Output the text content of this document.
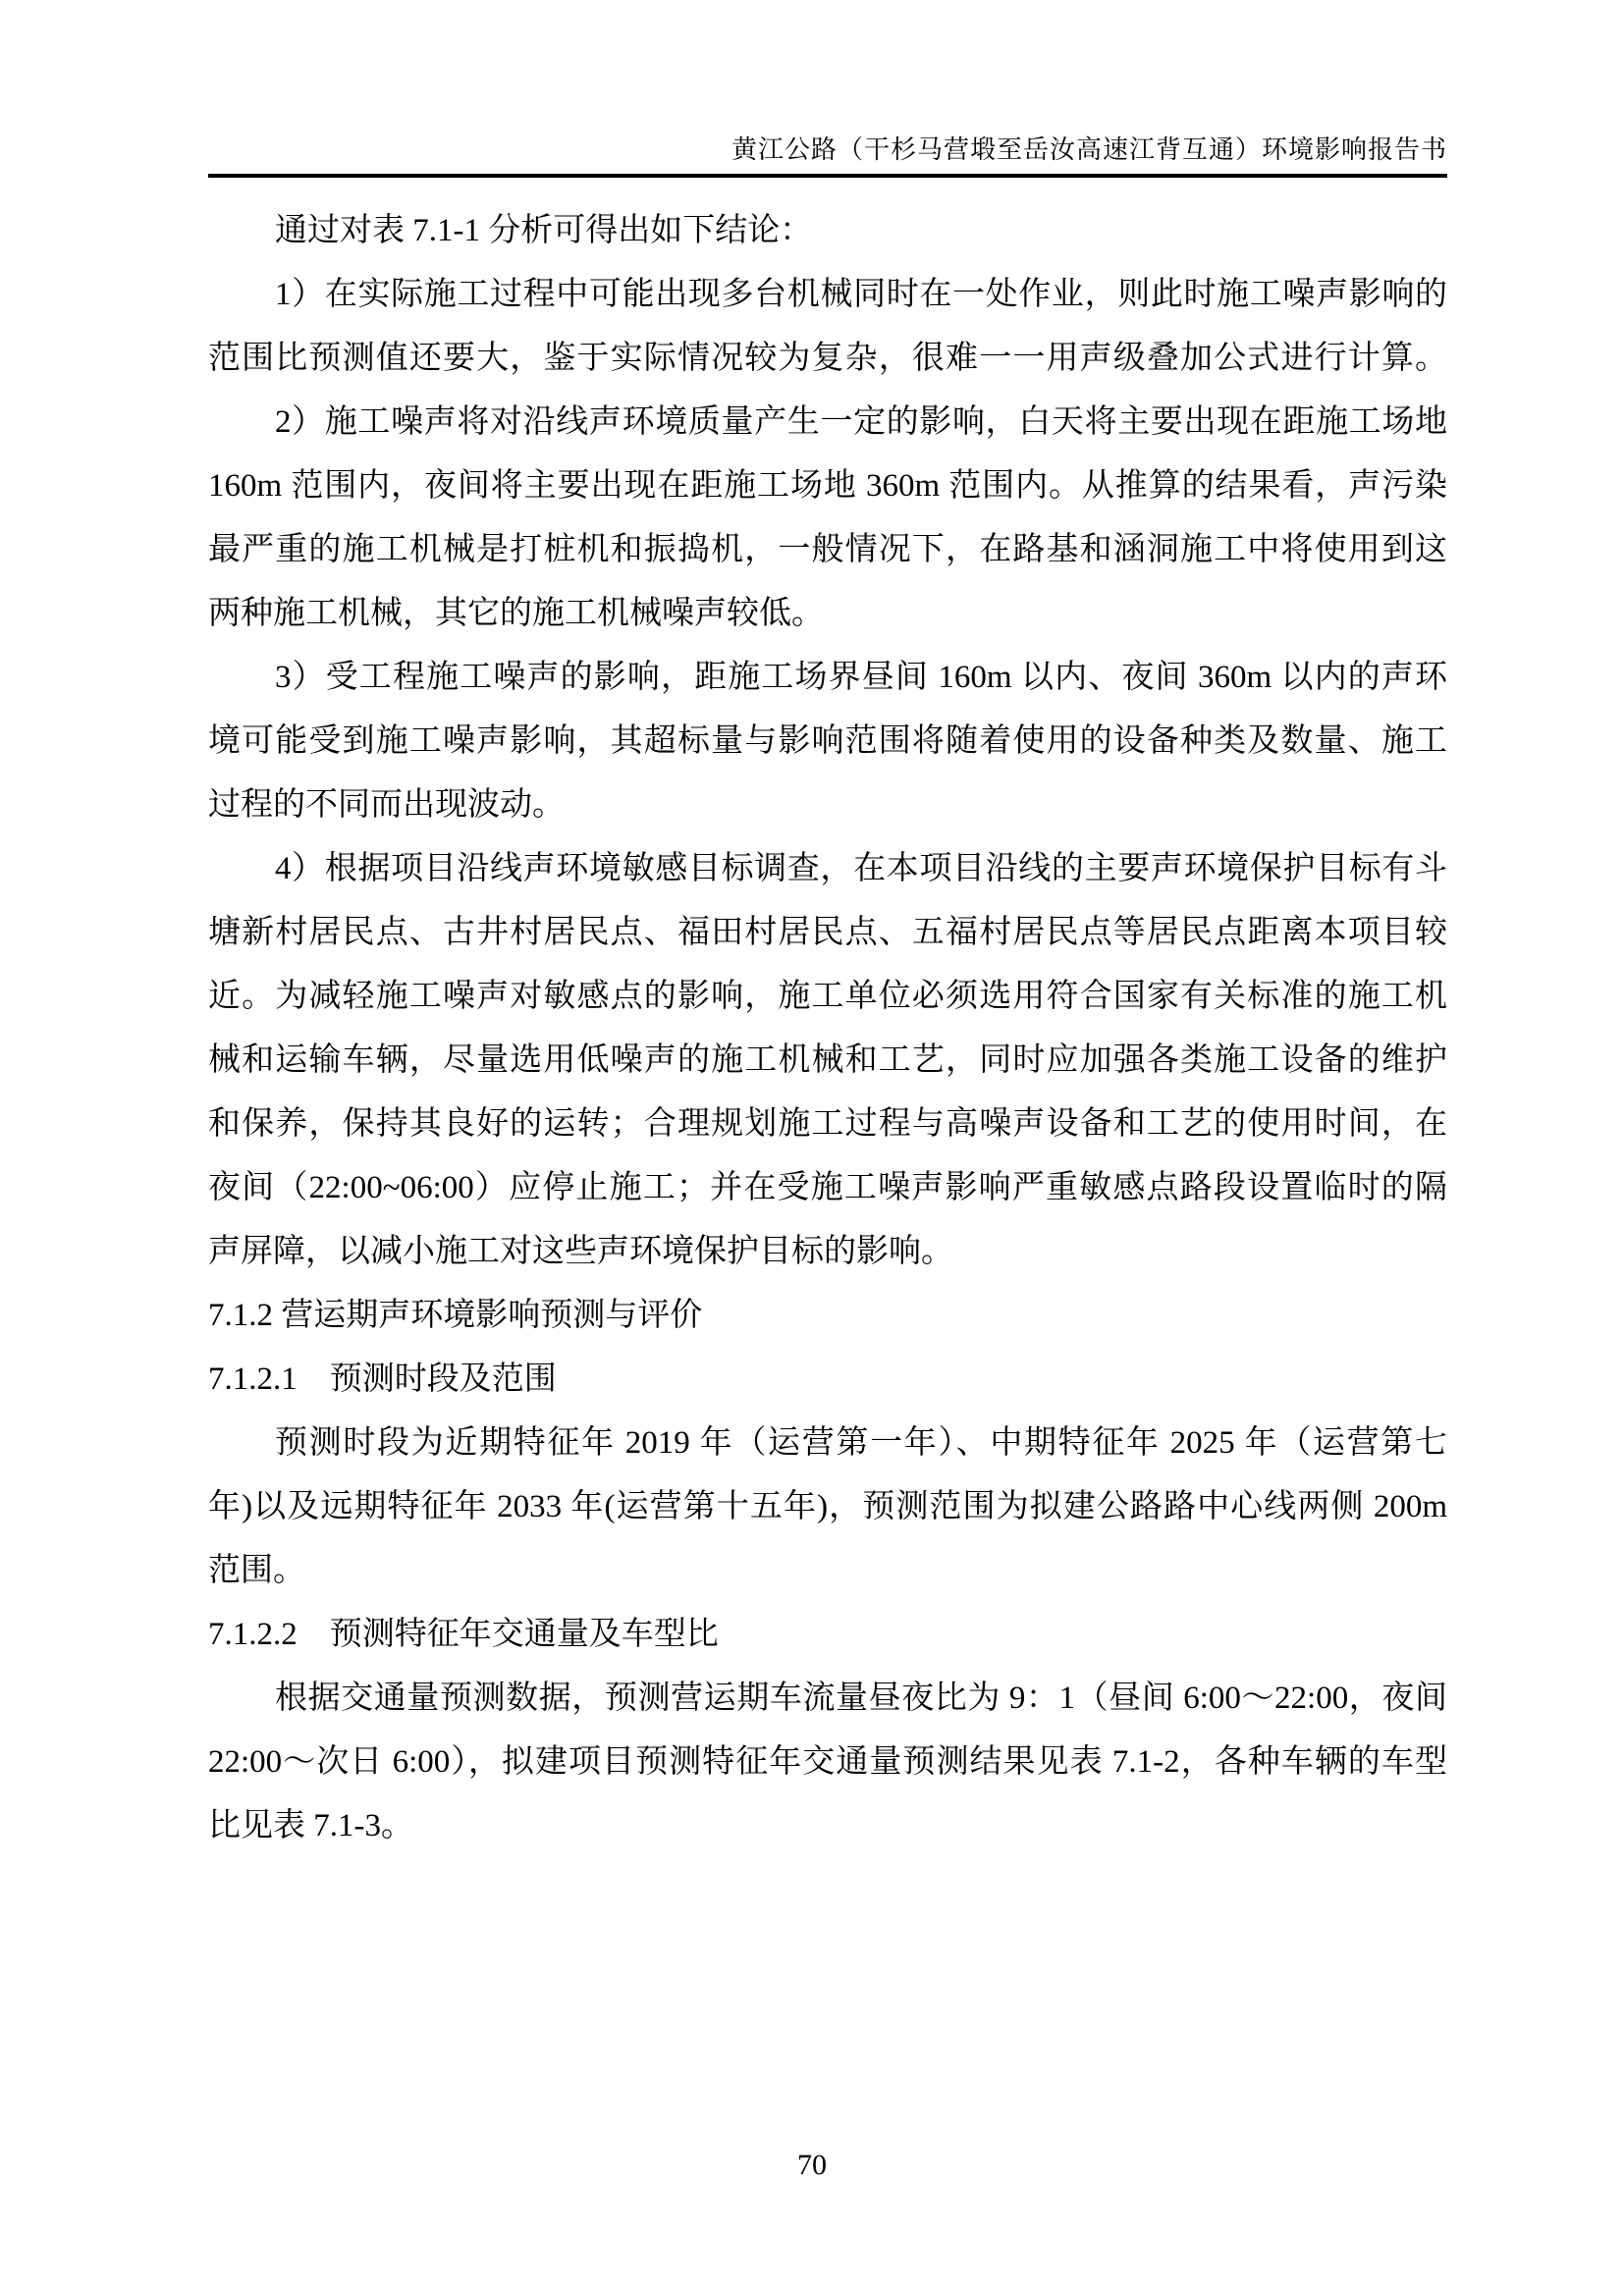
黄江公路（干杉马营塅至岳汝高速江背互通）环境影响报告书
通过对表 7.1-1 分析可得出如下结论：
1）在实际施工过程中可能出现多台机械同时在一处作业，则此时施工噪声影响的
范围比预测值还要大，鉴于实际情况较为复杂，很难一一用声级叠加公式进行计算。
2）施工噪声将对沿线声环境质量产生一定的影响，白天将主要出现在距施工场地
160m 范围内，夜间将主要出现在距施工场地 360m 范围内。从推算的结果看，声污染
最严重的施工机械是打桩机和振捣机，一般情况下，在路基和涵洞施工中将使用到这
两种施工机械，其它的施工机械噪声较低。
3）受工程施工噪声的影响，距施工场界昼间 160m 以内、夜间 360m 以内的声环
境可能受到施工噪声影响，其超标量与影响范围将随着使用的设备种类及数量、施工
过程的不同而出现波动。
4）根据项目沿线声环境敏感目标调查，在本项目沿线的主要声环境保护目标有斗
塘新村居民点、古井村居民点、福田村居民点、五福村居民点等居民点距离本项目较
近。为减轻施工噪声对敏感点的影响，施工单位必须选用符合国家有关标准的施工机
械和运输车辆，尽量选用低噪声的施工机械和工艺，同时应加强各类施工设备的维护
和保养，保持其良好的运转；合理规划施工过程与高噪声设备和工艺的使用时间，在
夜间（22:00~06:00）应停止施工；并在受施工噪声影响严重敏感点路段设置临时的隔
声屏障，以减小施工对这些声环境保护目标的影响。
7.1.2 营运期声环境影响预测与评价
7.1.2.1　预测时段及范围
预测时段为近期特征年 2019 年（运营第一年）、中期特征年 2025 年（运营第七
年)以及远期特征年 2033 年(运营第十五年)，预测范围为拟建公路路中心线两侧 200m
范围。
7.1.2.2　预测特征年交通量及车型比
根据交通量预测数据，预测营运期车流量昼夜比为 9：1（昼间 6:00～22:00，夜间
22:00～次日 6:00），拟建项目预测特征年交通量预测结果见表 7.1-2，各种车辆的车型
比见表 7.1-3。
70
